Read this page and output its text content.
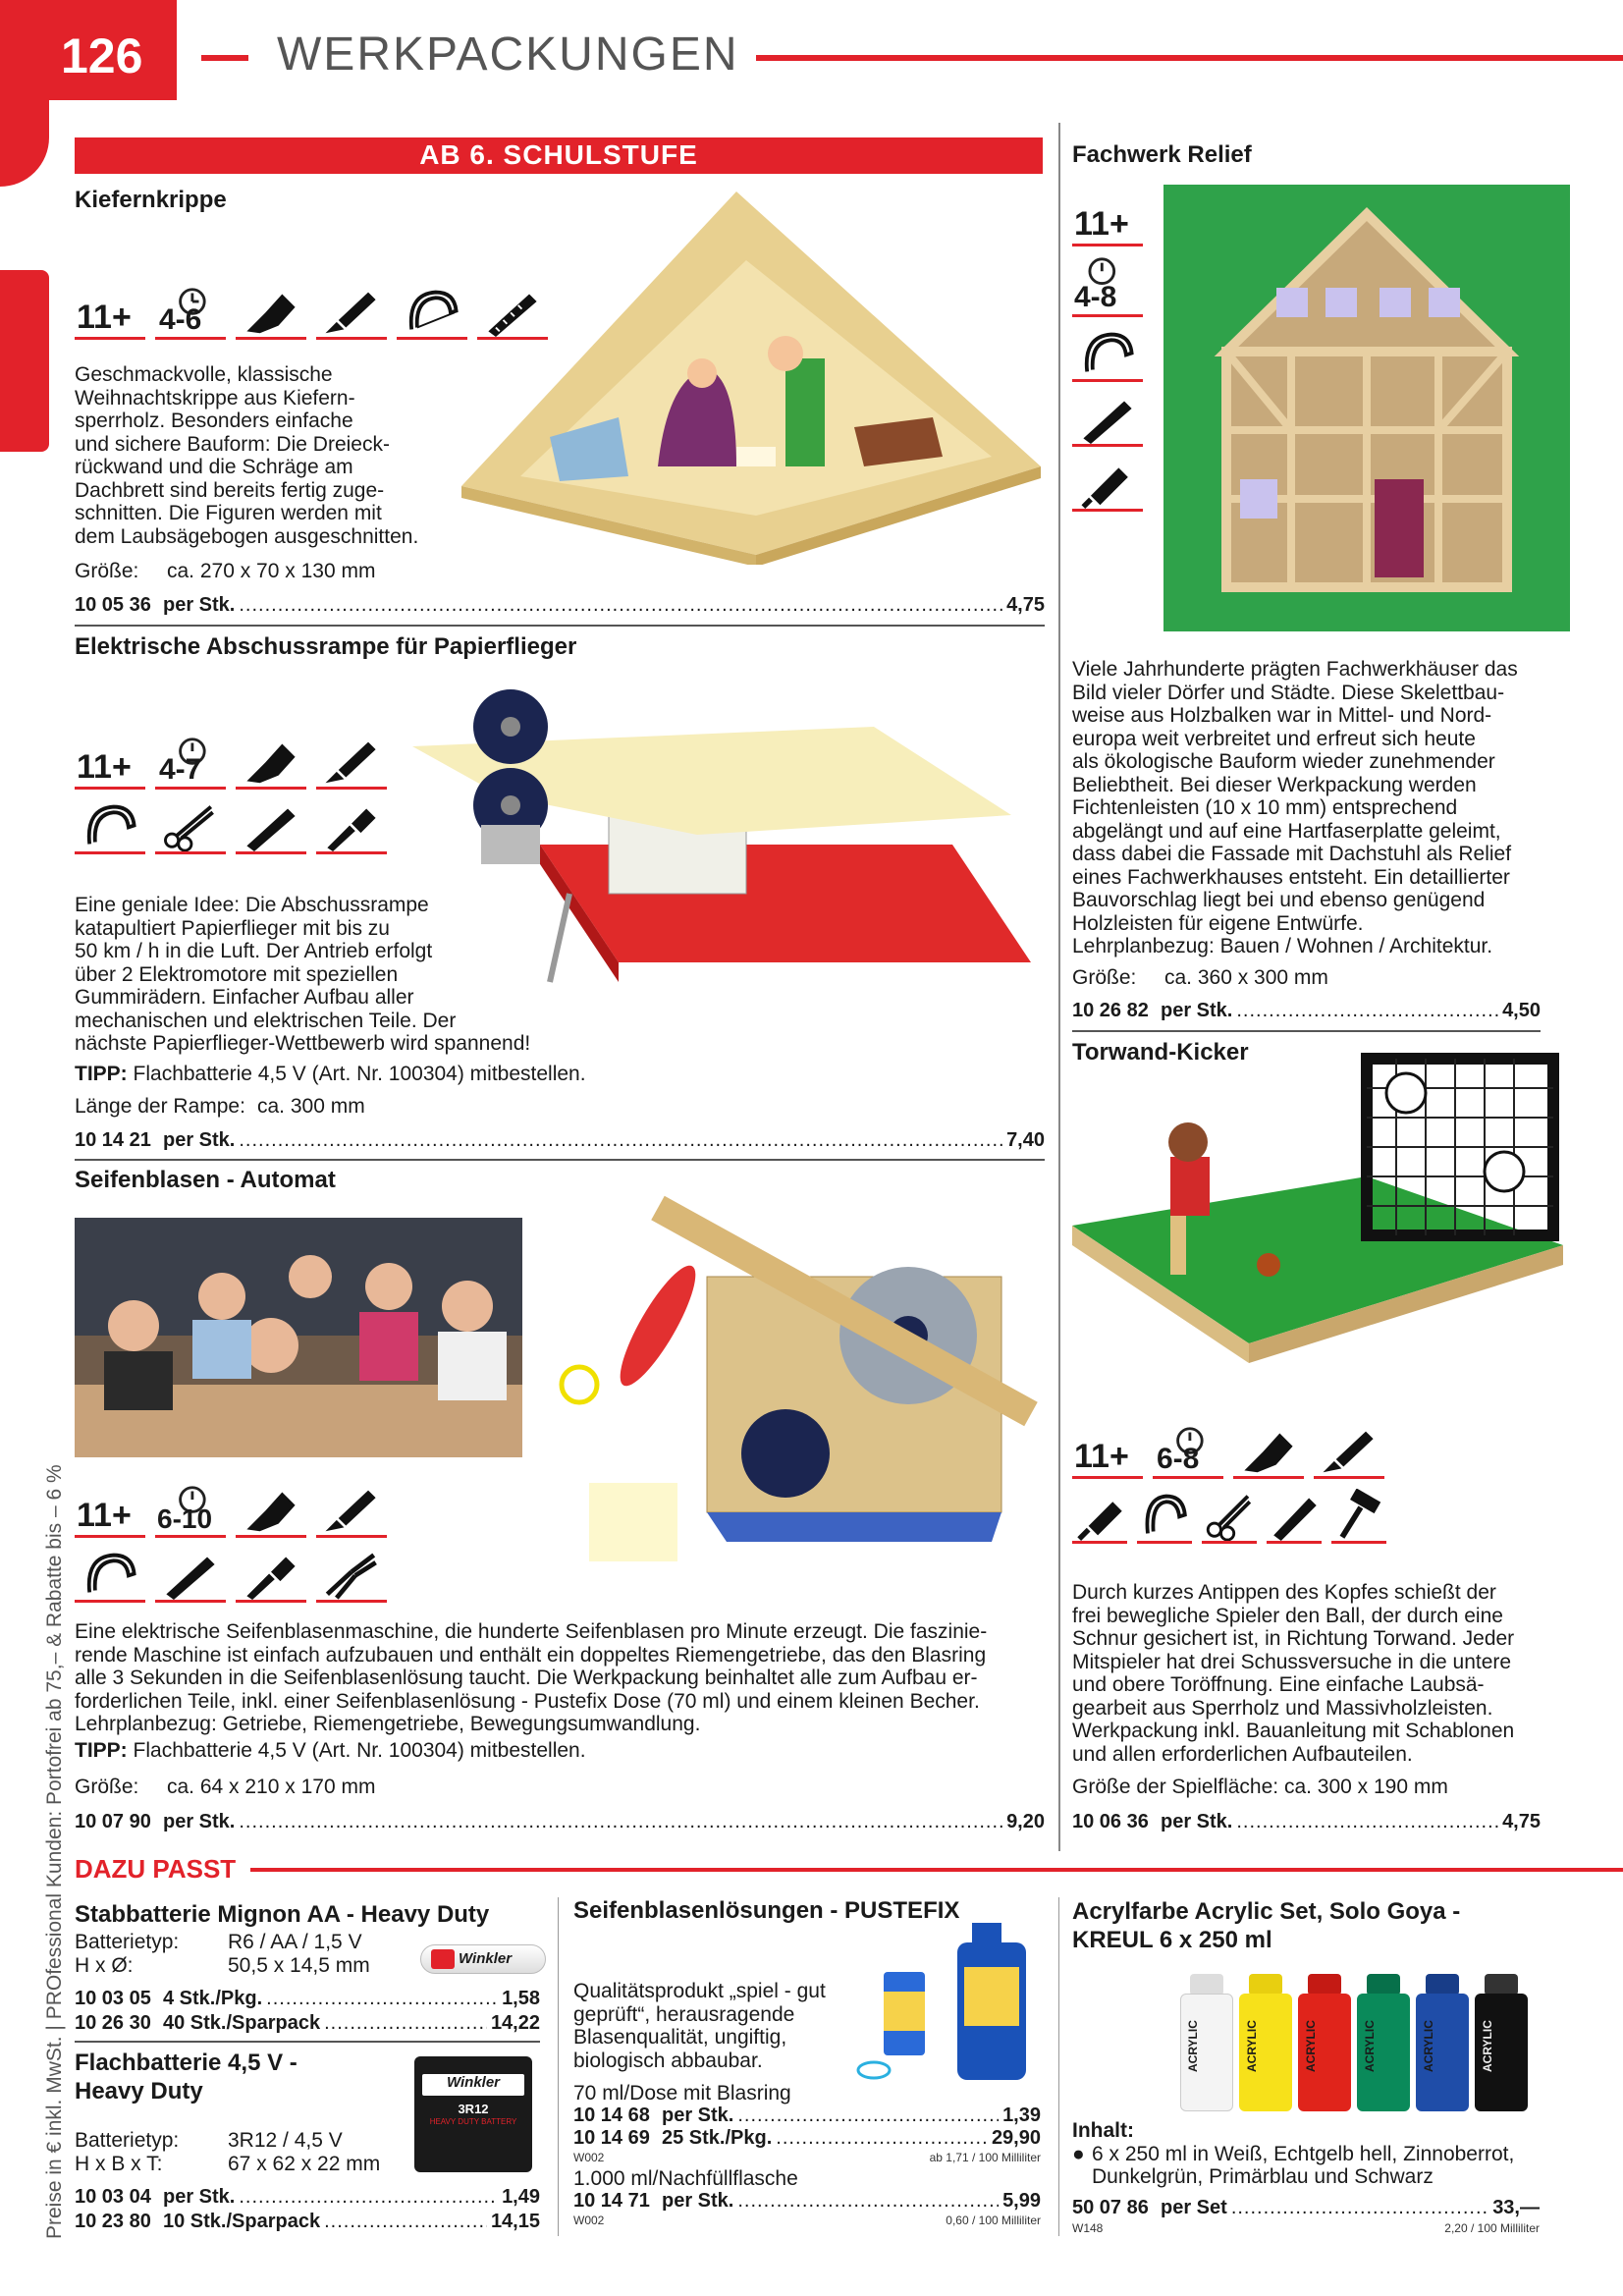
126	WERKPACKUNGEN
Preise in € inkl. MwSt. | PROfessional Kunden: Portofrei ab 75,– & Rabatte bis – 6 %
AB 6. SCHULSTUFE
Kiefernkrippe
11+ 4-6
Geschmackvolle, klassische
Weihnachtskrippe aus Kiefern-
sperrholz. Besonders einfache
und sichere Bauform: Die Dreieck-
rückwand und die Schräge am
Dachbrett sind bereits fertig zuge-
schnitten. Die Figuren werden mit
dem Laubsägebogen ausgeschnitten.
Größe: ca. 270 x 70 x 130 mm
10 05 36 per Stk. .....	4,75
Elektrische Abschussrampe für Papierflieger
11+ 4-7
Eine geniale Idee: Die Abschussrampe
katapultiert Papierflieger mit bis zu
50 km / h in die Luft. Der Antrieb erfolgt
über 2 Elektromotore mit speziellen
Gummirädern. Einfacher Aufbau aller
mechanischen und elektrischen Teile. Der
nächste Papierflieger-Wettbewerb wird spannend!
TIPP: Flachbatterie 4,5 V (Art. Nr. 100304) mitbestellen.
Länge der Rampe: ca. 300 mm
10 14 21 per Stk. .....	7,40
Seifenblasen - Automat
11+ 6-10
Eine elektrische Seifenblasenmaschine, die hunderte Seifenblasen pro Minute erzeugt. Die faszinie-
rende Maschine ist einfach aufzubauen und enthält ein doppeltes Riemengetriebe, das den Blasring
alle 3 Sekunden in die Seifenblasenlösung taucht. Die Werkpackung beinhaltet alle zum Aufbau er-
forderlichen Teile, inkl. einer Seifenblasenlösung - Pustefix Dose (70 ml) und einem kleinen Becher.
Lehrplanbezug: Getriebe, Riemengetriebe, Bewegungsumwandlung.
TIPP: Flachbatterie 4,5 V (Art. Nr. 100304) mitbestellen.
Größe: ca. 64 x 210 x 170 mm
10 07 90 per Stk. .....	9,20
Fachwerk Relief
11+
4-8
Viele Jahrhunderte prägten Fachwerkhäuser das
Bild vieler Dörfer und Städte. Diese Skelettbau-
weise aus Holzbalken war in Mittel- und Nord-
europa weit verbreitet und erfreut sich heute
als ökologische Bauform wieder zunehmender
Beliebtheit. Bei dieser Werkpackung werden
Fichtenleisten (10 x 10 mm) entsprechend
abgelängt und auf eine Hartfaserplatte geleimt,
dass dabei die Fassade mit Dachstuhl als Relief
eines Fachwerkhauses entsteht. Ein detaillierter
Bauvorschlag liegt bei und ebenso genügend
Holzleisten für eigene Entwürfe.
Lehrplanbezug: Bauen / Wohnen / Architektur.
Größe: ca. 360 x 300 mm
10 26 82 per Stk. .....	4,50
Torwand-Kicker
11+ 6-8
Durch kurzes Antippen des Kopfes schießt der
frei bewegliche Spieler den Ball, der durch eine
Schnur gesichert ist, in Richtung Torwand. Jeder
Mitspieler hat drei Schussversuche in die untere
und obere Toröffnung. Eine einfache Laubsä-
gearbeit aus Sperrholz und Massivholzleisten.
Werkpackung inkl. Bauanleitung mit Schablonen
und allen erforderlichen Aufbauteilen.
Größe der Spielfläche: ca. 300 x 190 mm
10 06 36 per Stk. .....	4,75
DAZU PASST
Stabbatterie Mignon AA - Heavy Duty
Batterietyp: R6 / AA / 1,5 V
H x Ø:	50,5 x 14,5 mm	Winkler
10 03 05 4 Stk./Pkg. .....	1,58
10 26 30 40 Stk./Sparpack .....	14,22
Flachbatterie 4,5 V -
Heavy Duty	Winkler
3R12
HEAVY DUTY BATTERY
Batterietyp: 3R12 / 4,5 V
H x B x T:	67 x 62 x 22 mm
10 03 04 per Stk. .....	1,49
10 23 80 10 Stk./Sparpack .....	14,15
Seifenblasenlösungen - PUSTEFIX
Qualitätsprodukt „spiel - gut
geprüft“, herausragende
Blasenqualität, ungiftig,
biologisch abbaubar.
70 ml/Dose mit Blasring
10 14 68 per Stk. .....	1,39
10 14 69 25 Stk./Pkg. .....	29,90
W002	ab 1,71 / 100 Milliliter
1.000 ml/Nachfüllflasche
10 14 71 per Stk. .....	5,99
W002	0,60 / 100 Milliliter
Acrylfarbe Acrylic Set, Solo Goya -
KREUL 6 x 250 ml
ACRYLIC	ACRYLIC	ACRYLIC	ACRYLIC	ACRYLIC	ACRYLIC
Inhalt:
● 6 x 250 ml in Weiß, Echtgelb hell, Zinnoberrot,
Dunkelgrün, Primärblau und Schwarz
50 07 86 per Set .....	33,—
W148	2,20 / 100 Milliliter
